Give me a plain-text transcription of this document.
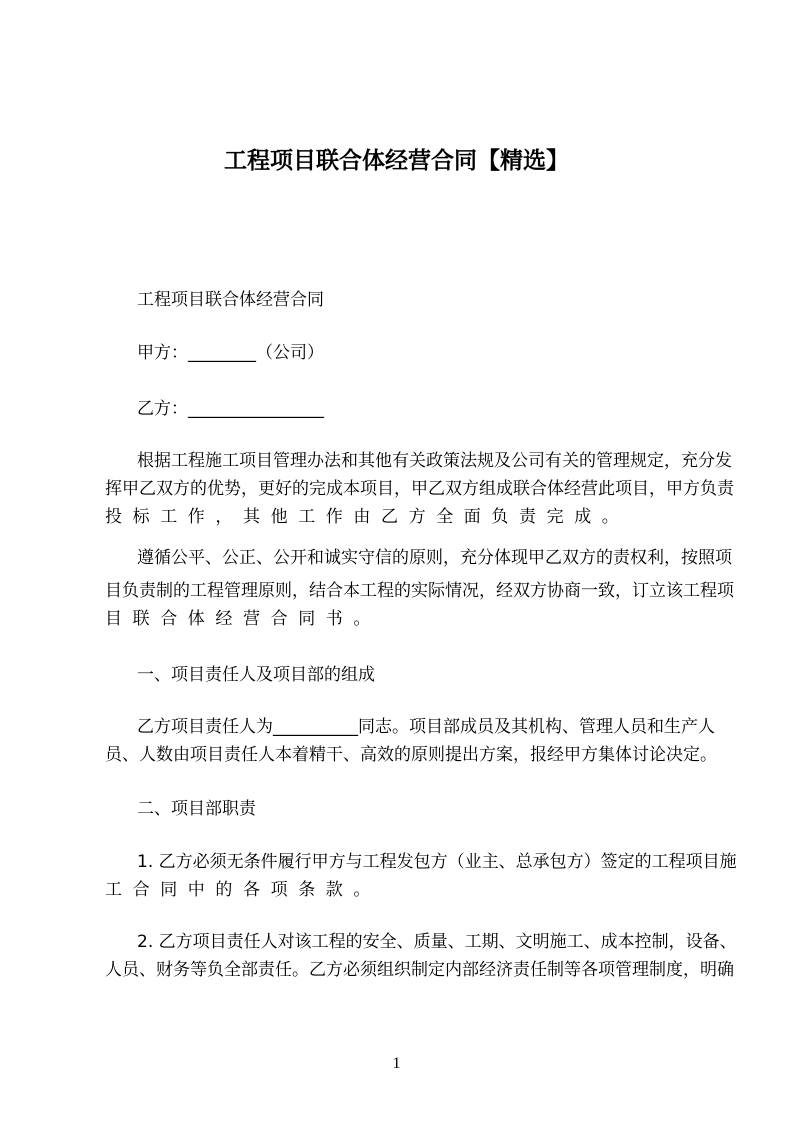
工程项目联合体经营合同【精选】
工程项目联合体经营合同
甲方：________（公司）
乙方：________________
根据工程施工项目管理办法和其他有关政策法规及公司有关的管理规定，充分发
挥甲乙双方的优势，更好的完成本项目，甲乙双方组成联合体经营此项目，甲方负责
投标工作，其他工作由乙方全面负责完成。
遵循公平、公正、公开和诚实守信的原则，充分体现甲乙双方的责权利，按照项
目负责制的工程管理原则，结合本工程的实际情况，经双方协商一致，订立该工程项
目联合体经营合同书。
一、项目责任人及项目部的组成
乙方项目责任人为__________同志。项目部成员及其机构、管理人员和生产人
员、人数由项目责任人本着精干、高效的原则提出方案，报经甲方集体讨论决定。
二、项目部职责
1. 乙方必须无条件履行甲方与工程发包方（业主、总承包方）签定的工程项目施
工合同中的各项条款。
2. 乙方项目责任人对该工程的安全、质量、工期、文明施工、成本控制，设备、
人员、财务等负全部责任。乙方必须组织制定内部经济责任制等各项管理制度，明确
1
